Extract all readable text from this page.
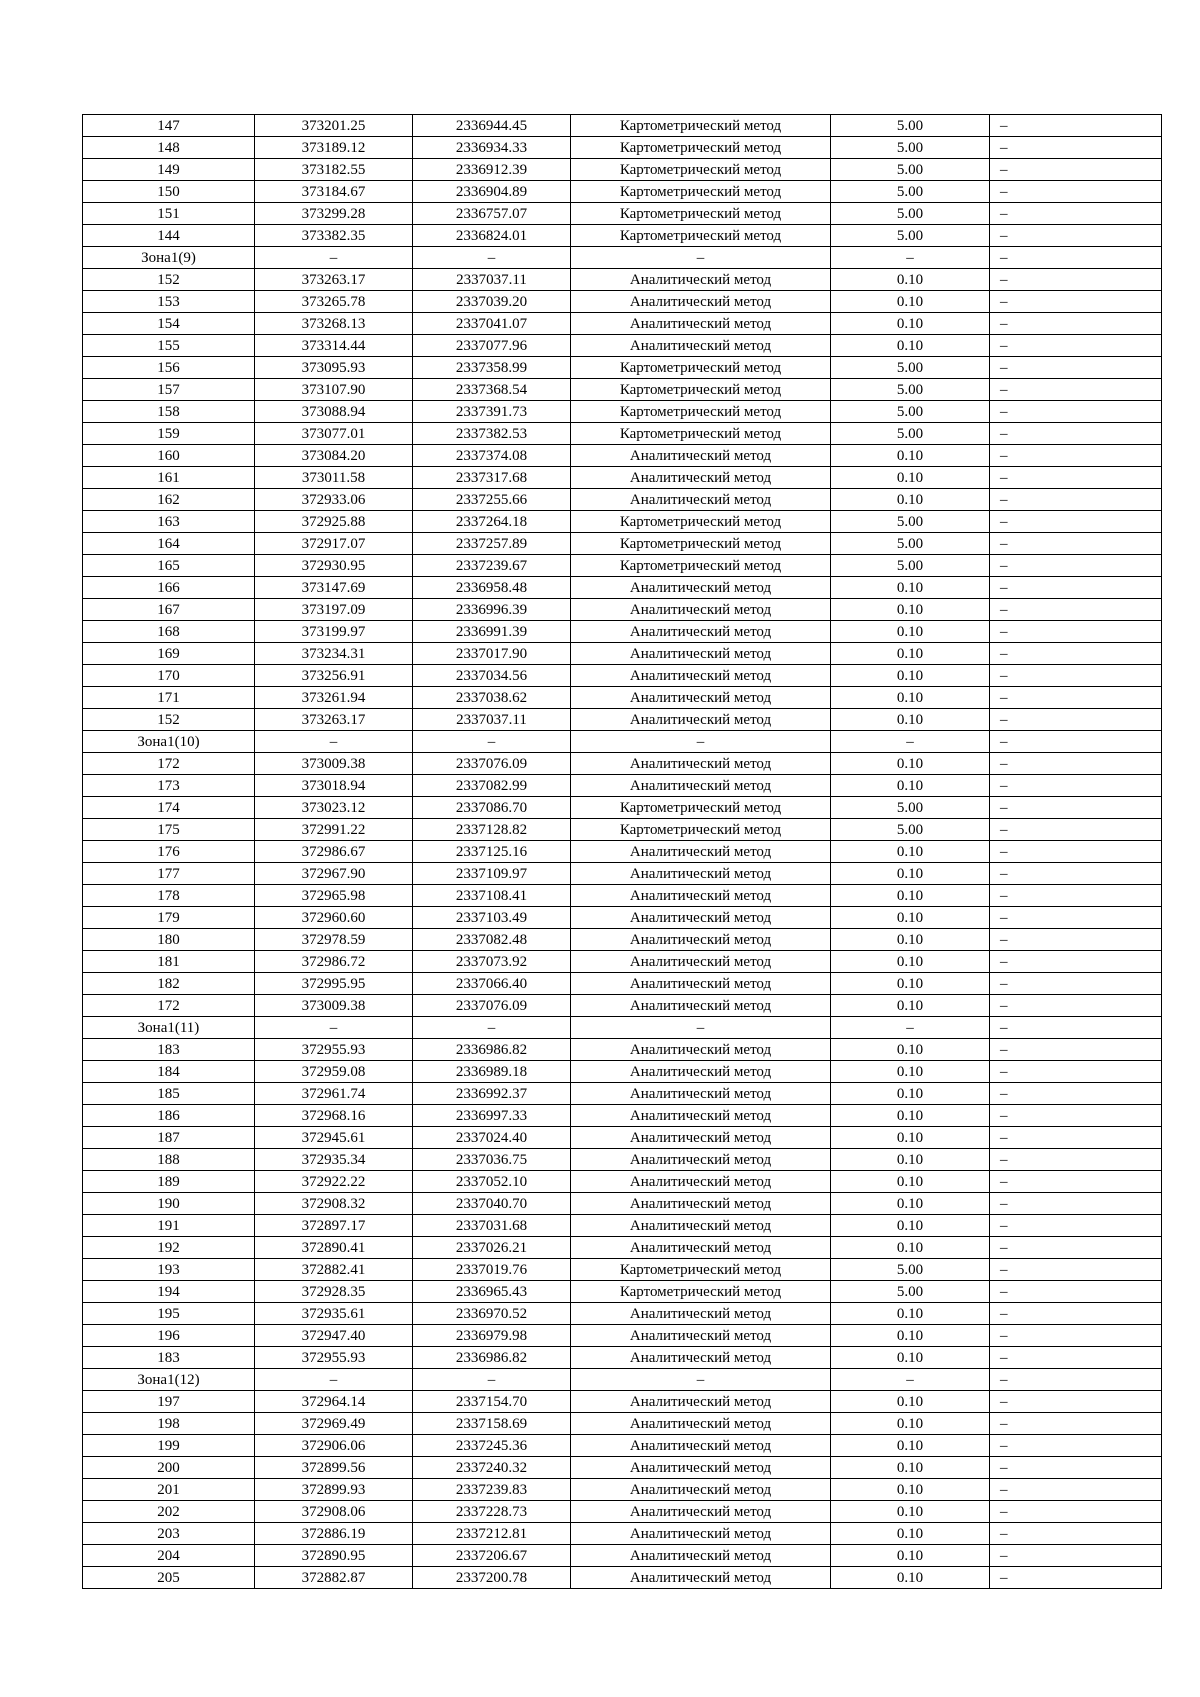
147	373201.25	2336944.45	Картометрический метод	5.00	–
148	373189.12	2336934.33	Картометрический метод	5.00	–
149	373182.55	2336912.39	Картометрический метод	5.00	–
150	373184.67	2336904.89	Картометрический метод	5.00	–
151	373299.28	2336757.07	Картометрический метод	5.00	–
144	373382.35	2336824.01	Картометрический метод	5.00	–
Зона1(9)	–	–	–	–	–
152	373263.17	2337037.11	Аналитический метод	0.10	–
153	373265.78	2337039.20	Аналитический метод	0.10	–
154	373268.13	2337041.07	Аналитический метод	0.10	–
155	373314.44	2337077.96	Аналитический метод	0.10	–
156	373095.93	2337358.99	Картометрический метод	5.00	–
157	373107.90	2337368.54	Картометрический метод	5.00	–
158	373088.94	2337391.73	Картометрический метод	5.00	–
159	373077.01	2337382.53	Картометрический метод	5.00	–
160	373084.20	2337374.08	Аналитический метод	0.10	–
161	373011.58	2337317.68	Аналитический метод	0.10	–
162	372933.06	2337255.66	Аналитический метод	0.10	–
163	372925.88	2337264.18	Картометрический метод	5.00	–
164	372917.07	2337257.89	Картометрический метод	5.00	–
165	372930.95	2337239.67	Картометрический метод	5.00	–
166	373147.69	2336958.48	Аналитический метод	0.10	–
167	373197.09	2336996.39	Аналитический метод	0.10	–
168	373199.97	2336991.39	Аналитический метод	0.10	–
169	373234.31	2337017.90	Аналитический метод	0.10	–
170	373256.91	2337034.56	Аналитический метод	0.10	–
171	373261.94	2337038.62	Аналитический метод	0.10	–
152	373263.17	2337037.11	Аналитический метод	0.10	–
Зона1(10)	–	–	–	–	–
172	373009.38	2337076.09	Аналитический метод	0.10	–
173	373018.94	2337082.99	Аналитический метод	0.10	–
174	373023.12	2337086.70	Картометрический метод	5.00	–
175	372991.22	2337128.82	Картометрический метод	5.00	–
176	372986.67	2337125.16	Аналитический метод	0.10	–
177	372967.90	2337109.97	Аналитический метод	0.10	–
178	372965.98	2337108.41	Аналитический метод	0.10	–
179	372960.60	2337103.49	Аналитический метод	0.10	–
180	372978.59	2337082.48	Аналитический метод	0.10	–
181	372986.72	2337073.92	Аналитический метод	0.10	–
182	372995.95	2337066.40	Аналитический метод	0.10	–
172	373009.38	2337076.09	Аналитический метод	0.10	–
Зона1(11)	–	–	–	–	–
183	372955.93	2336986.82	Аналитический метод	0.10	–
184	372959.08	2336989.18	Аналитический метод	0.10	–
185	372961.74	2336992.37	Аналитический метод	0.10	–
186	372968.16	2336997.33	Аналитический метод	0.10	–
187	372945.61	2337024.40	Аналитический метод	0.10	–
188	372935.34	2337036.75	Аналитический метод	0.10	–
189	372922.22	2337052.10	Аналитический метод	0.10	–
190	372908.32	2337040.70	Аналитический метод	0.10	–
191	372897.17	2337031.68	Аналитический метод	0.10	–
192	372890.41	2337026.21	Аналитический метод	0.10	–
193	372882.41	2337019.76	Картометрический метод	5.00	–
194	372928.35	2336965.43	Картометрический метод	5.00	–
195	372935.61	2336970.52	Аналитический метод	0.10	–
196	372947.40	2336979.98	Аналитический метод	0.10	–
183	372955.93	2336986.82	Аналитический метод	0.10	–
Зона1(12)	–	–	–	–	–
197	372964.14	2337154.70	Аналитический метод	0.10	–
198	372969.49	2337158.69	Аналитический метод	0.10	–
199	372906.06	2337245.36	Аналитический метод	0.10	–
200	372899.56	2337240.32	Аналитический метод	0.10	–
201	372899.93	2337239.83	Аналитический метод	0.10	–
202	372908.06	2337228.73	Аналитический метод	0.10	–
203	372886.19	2337212.81	Аналитический метод	0.10	–
204	372890.95	2337206.67	Аналитический метод	0.10	–
205	372882.87	2337200.78	Аналитический метод	0.10	–
